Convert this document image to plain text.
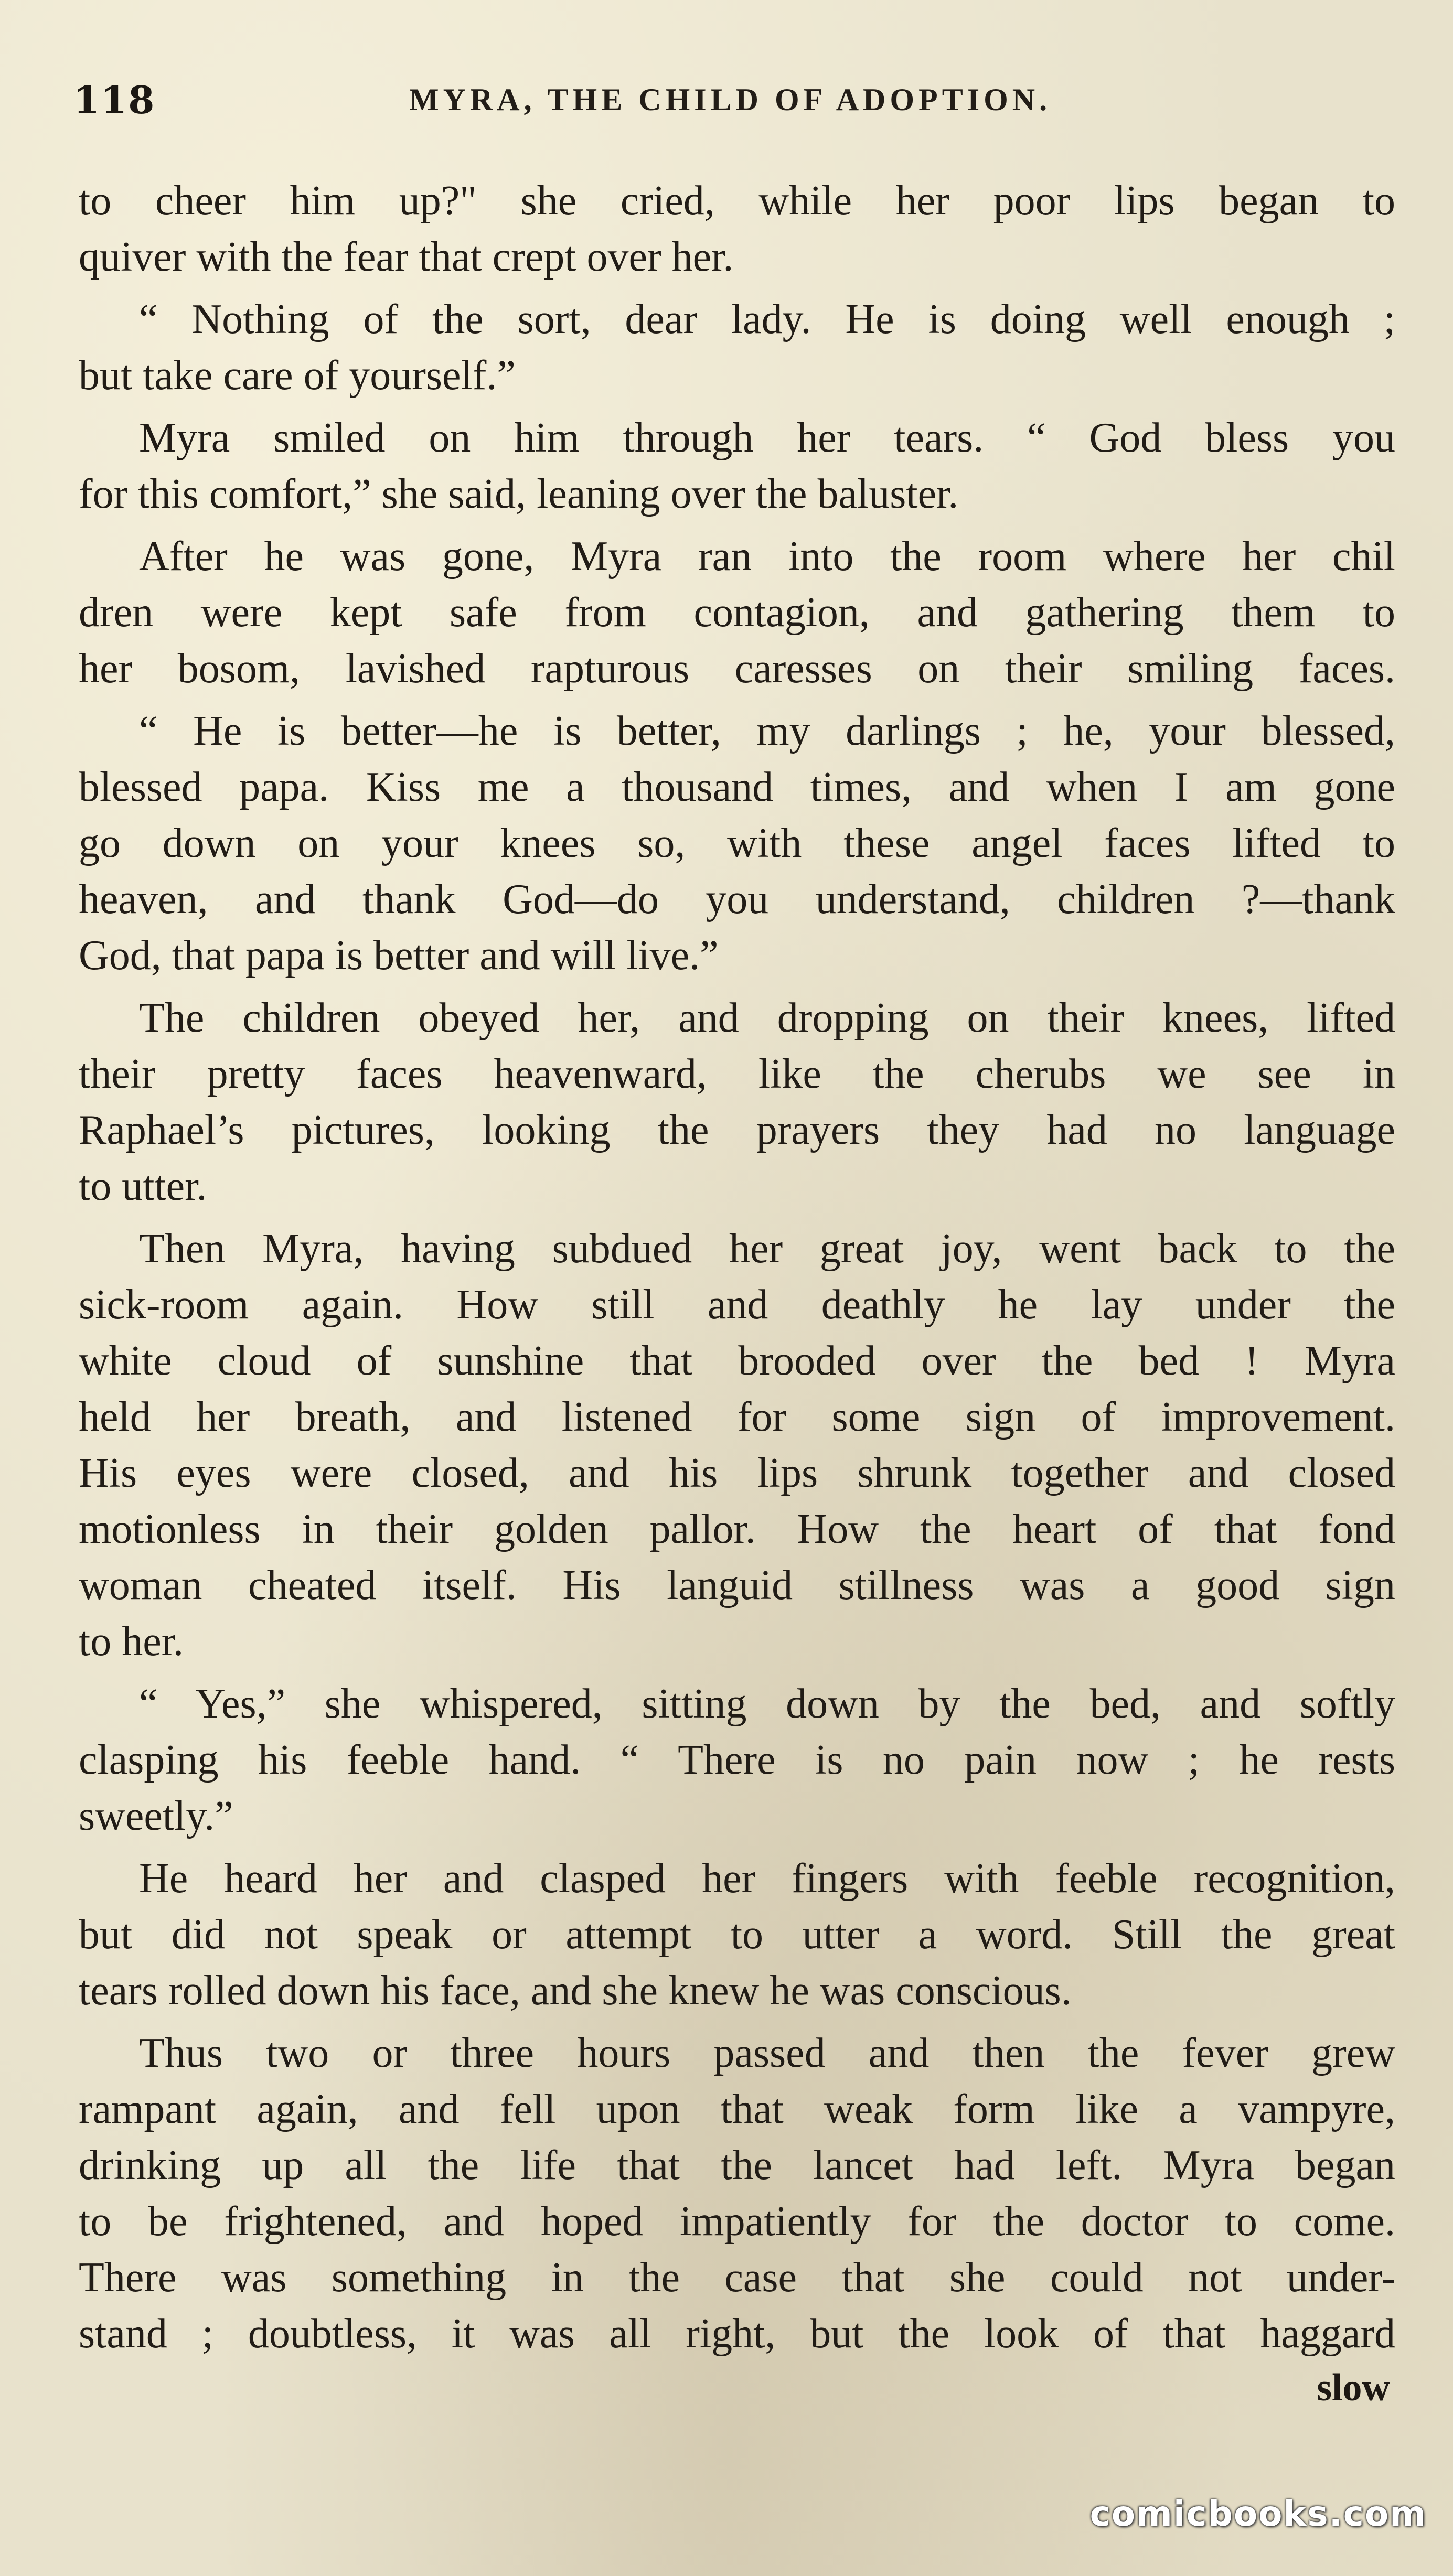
118	MYRA, THE CHILD OF ADOPTION.
to cheer him up?" she cried, while her poor lips began to
quiver with the fear that crept over her.
“ Nothing of the sort, dear lady. He is doing well enough ;
but take care of yourself.”
Myra smiled on him through her tears. “ God bless you
for this comfort,” she said, leaning over the baluster.
After he was gone, Myra ran into the room where her chil
dren were kept safe from contagion, and gathering them to
her bosom, lavished rapturous caresses on their smiling faces.
“ He is better—he is better, my darlings ; he, your blessed,
blessed papa. Kiss me a thousand times, and when I am gone
go down on your knees so, with these angel faces lifted to
heaven, and thank God—do you understand, children ?—thank
God, that papa is better and will live.”
The children obeyed her, and dropping on their knees, lifted
their pretty faces heavenward, like the cherubs we see in
Raphael’s pictures, looking the prayers they had no language
to utter.
Then Myra, having subdued her great joy, went back to the
sick-room again. How still and deathly he lay under the
white cloud of sunshine that brooded over the bed ! Myra
held her breath, and listened for some sign of improvement.
His eyes were closed, and his lips shrunk together and closed
motionless in their golden pallor. How the heart of that fond
woman cheated itself. His languid stillness was a good sign
to her.
“ Yes,” she whispered, sitting down by the bed, and softly
clasping his feeble hand. “ There is no pain now ; he rests
sweetly.”
He heard her and clasped her fingers with feeble recognition,
but did not speak or attempt to utter a word. Still the great
tears rolled down his face, and she knew he was conscious.
Thus two or three hours passed and then the fever grew
rampant again, and fell upon that weak form like a vampyre,
drinking up all the life that the lancet had left. Myra began
to be frightened, and hoped impatiently for the doctor to come.
There was something in the case that she could not under-
stand ; doubtless, it was all right, but the look of that haggard
slow
comicbooks.com
